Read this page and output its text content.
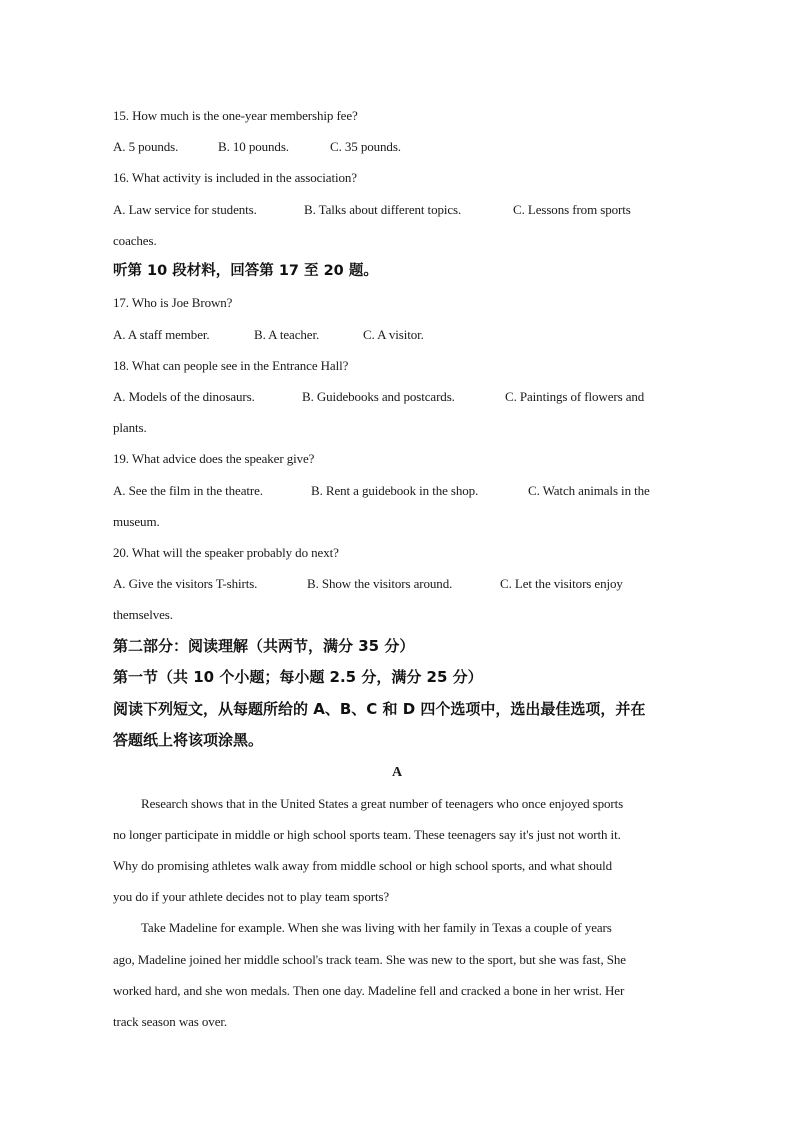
15. How much is the one-year membership fee?
A. 5 pounds.	B. 10 pounds.	C. 35 pounds.
16. What activity is included in the association?
A. Law service for students.	B. Talks about different topics.	C. Lessons from sports
coaches.
听第 10 段材料，回答第 17 至 20 题。
17. Who is Joe Brown?
A. A staff member.	B. A teacher.	C. A visitor.
18. What can people see in the Entrance Hall?
A. Models of the dinosaurs.	B. Guidebooks and postcards.	C. Paintings of flowers and
plants.
19. What advice does the speaker give?
A. See the film in the theatre.	B. Rent a guidebook in the shop.	C. Watch animals in the
museum.
20. What will the speaker probably do next?
A. Give the visitors T-shirts.	B. Show the visitors around.	C. Let the visitors enjoy
themselves.
第二部分：阅读理解（共两节，满分 35 分）
第一节（共 10 个小题；每小题 2.5 分，满分 25 分）
阅读下列短文，从每题所给的 A、B、C 和 D 四个选项中，选出最佳选项，并在
答题纸上将该项涂黑。
A
Research shows that in the United States a great number of teenagers who once enjoyed sports
no longer participate in middle or high school sports team. These teenagers say it's just not worth it.
Why do promising athletes walk away from middle school or high school sports, and what should
you do if your athlete decides not to play team sports?
Take Madeline for example. When she was living with her family in Texas a couple of years
ago, Madeline joined her middle school's track team. She was new to the sport, but she was fast, She
worked hard, and she won medals. Then one day. Madeline fell and cracked a bone in her wrist. Her
track season was over.
